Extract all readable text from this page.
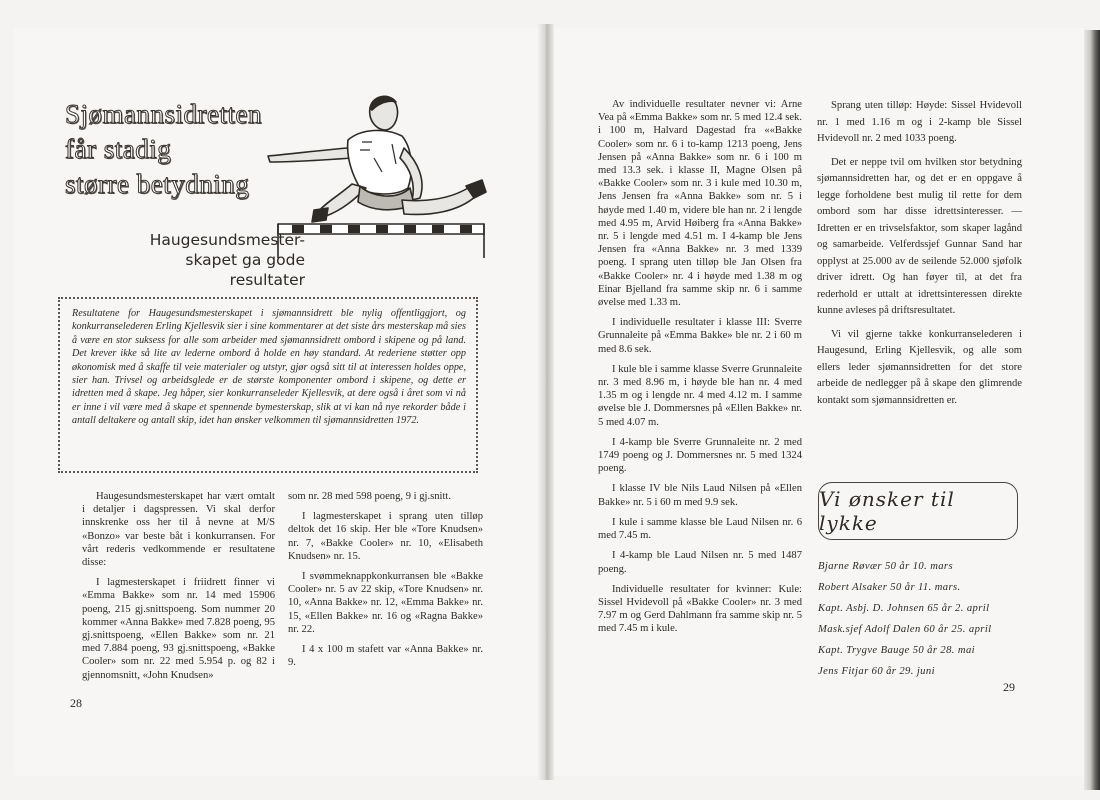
Sjømannsidretten
får stadig
større betydning
Haugesundsmester-
skapet ga gode
resultater
Resultatene for Haugesundsmesterskapet i sjømannsidrett ble nylig offentliggjort, og konkurranselederen Erling Kjellesvik sier i sine kommentarer at det siste års mesterskap må sies å være en stor suksess for alle som arbeider med sjømannsidrett ombord i skipene og på land. Det krever ikke så lite av lederne ombord å holde en høy standard. At rederiene støtter opp økonomisk med å skaffe til veie materialer og utstyr, gjør også sitt til at interessen holdes oppe, sier han. Trivsel og arbeidsglede er de største komponenter ombord i skipene, og dette er idretten med å skape. Jeg håper, sier konkurranseleder Kjellesvik, at dere også i året som vi nå er inne i vil være med å skape et spennende bymesterskap, slik at vi kan nå nye rekorder både i antall deltakere og antall skip, idet han ønsker velkommen til sjømannsidretten 1972.

Haugesundsmesterskapet har vært omtalt i detaljer i dagspressen. Vi skal derfor innskrenke oss her til å nevne at M/S «Bonzo» var beste båt i konkurransen. For vårt rederis vedkommende er resultatene disse:

I lagmesterskapet i friidrett finner vi «Emma Bakke» som nr. 14 med 15906 poeng, 215 gj.snittspoeng. Som nummer 20 kommer «Anna Bakke» med 7.828 poeng, 95 gj.snittspoeng, «Ellen Bakke» som nr. 21 med 7.884 poeng, 93 gj.snittspoeng, «Bakke Cooler» som nr. 22 med 5.954 p. og 82 i gjennomsnitt, «John Knudsen»

som nr. 28 med 598 poeng, 9 i gj.snitt.

I lagmesterskapet i sprang uten tilløp deltok det 16 skip. Her ble «Tore Knudsen» nr. 7, «Bakke Cooler» nr. 10, «Elisabeth Knudsen» nr. 15.

I svømmeknappkonkurransen ble «Bakke Cooler» nr. 5 av 22 skip, «Tore Knudsen» nr. 10, «Anna Bakke» nr. 12, «Emma Bakke» nr. 15, «Ellen Bakke» nr. 16 og «Ragna Bakke» nr. 22.

I 4 x 100 m stafett var «Anna Bakke» nr. 9.

28

Av individuelle resultater nevner vi: Arne Vea på «Emma Bakke» som nr. 5 med 12.4 sek. i 100 m, Halvard Dagestad fra ««Bakke Cooler» som nr. 6 i to-kamp 1213 poeng, Jens Jensen på «Anna Bakke» som nr. 6 i 100 m med 13.3 sek. i klasse II, Magne Olsen på «Bakke Cooler» som nr. 3 i kule med 10.30 m, Jens Jensen fra «Anna Bakke» som nr. 5 i høyde med 1.40 m, videre ble han nr. 2 i lengde med 4.95 m, Arvid Høiberg fra «Anna Bakke» nr. 5 i lengde med 4.51 m. I 4-kamp ble Jens Jensen fra «Anna Bakke» nr. 3 med 1339 poeng. I sprang uten tilløp ble Jan Olsen fra «Bakke Cooler» nr. 4 i høyde med 1.38 m og Einar Bjelland fra samme skip nr. 6 i samme øvelse med 1.33 m.

I individuelle resultater i klasse III: Sverre Grunnaleite på «Emma Bakke» ble nr. 2 i 60 m med 8.6 sek.

I kule ble i samme klasse Sverre Grunnaleite nr. 3 med 8.96 m, i høyde ble han nr. 4 med 1.35 m og i lengde nr. 4 med 4.12 m. I samme øvelse ble J. Dommersnes på «Ellen Bakke» nr. 5 med 4.07 m.

I 4-kamp ble Sverre Grunnaleite nr. 2 med 1749 poeng og J. Dommersnes nr. 5 med 1324 poeng.

I klasse IV ble Nils Laud Nilsen på «Ellen Bakke» nr. 5 i 60 m med 9.9 sek.

I kule i samme klasse ble Laud Nilsen nr. 6 med 7.45 m.

I 4-kamp ble Laud Nilsen nr. 5 med 1487 poeng.

Individuelle resultater for kvinner: Kule: Sissel Hvidevoll på «Bakke Cooler» nr. 3 med 7.97 m og Gerd Dahlmann fra samme skip nr. 5 med 7.45 m i kule.

Sprang uten tilløp: Høyde: Sissel Hvidevoll nr. 1 med 1.16 m og i 2-kamp ble Sissel Hvidevoll nr. 2 med 1033 poeng.

Det er neppe tvil om hvilken stor betydning sjømannsidretten har, og det er en oppgave å legge forholdene best mulig til rette for dem ombord som har disse idrettsinteresser. — Idretten er en trivselsfaktor, som skaper lagånd og samarbeide. Velferdssjef Gunnar Sand har opplyst at 25.000 av de seilende 52.000 sjøfolk driver idrett. Og han føyer til, at det fra rederhold er uttalt at idrettsinteressen direkte kunne avleses på driftsresultatet.

Vi vil gjerne takke konkurranselederen i Haugesund, Erling Kjellesvik, og alle som ellers leder sjømannsidretten for det store arbeide de nedlegger på å skape den glimrende kontakt som sjømannsidretten er.

Vi ønsker til lykke
Bjarne Røvær 50 år 10. mars
Robert Alsaker 50 år 11. mars.
Kapt. Asbj. D. Johnsen 65 år 2. april
Mask.sjef Adolf Dalen 60 år 25. april
Kapt. Trygve Bauge 50 år 28. mai
Jens Fitjar 60 år 29. juni
29
